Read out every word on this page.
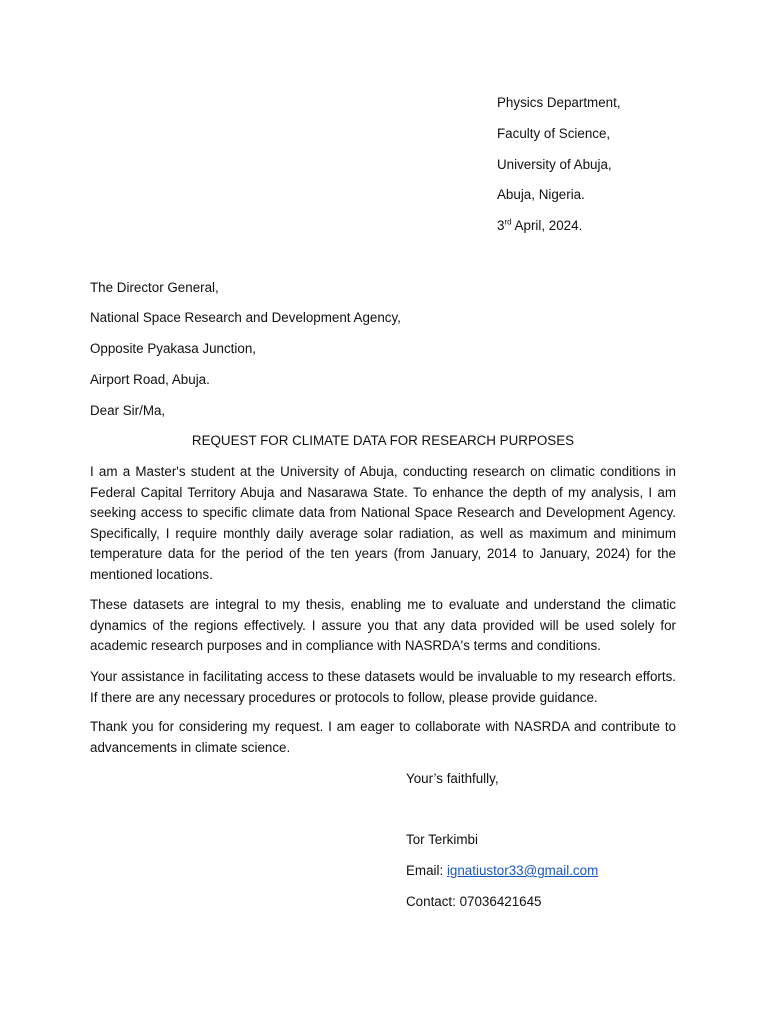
Physics Department,
Faculty of Science,
University of Abuja,
Abuja, Nigeria.
3rd April, 2024.
The Director General,
National Space Research and Development Agency,
Opposite Pyakasa Junction,
Airport Road, Abuja.
Dear Sir/Ma,
REQUEST FOR CLIMATE DATA FOR RESEARCH PURPOSES
I am a Master's student at the University of Abuja, conducting research on climatic conditions in Federal Capital Territory Abuja and Nasarawa State. To enhance the depth of my analysis, I am seeking access to specific climate data from National Space Research and Development Agency. Specifically, I require monthly daily average solar radiation, as well as maximum and minimum temperature data for the period of the ten years (from January, 2014 to January, 2024) for the mentioned locations.
These datasets are integral to my thesis, enabling me to evaluate and understand the climatic dynamics of the regions effectively. I assure you that any data provided will be used solely for academic research purposes and in compliance with NASRDA's terms and conditions.
Your assistance in facilitating access to these datasets would be invaluable to my research efforts. If there are any necessary procedures or protocols to follow, please provide guidance.
Thank you for considering my request. I am eager to collaborate with NASRDA and contribute to advancements in climate science.
Your’s faithfully,
Tor Terkimbi
Email: ignatiustor33@gmail.com
Contact: 07036421645
